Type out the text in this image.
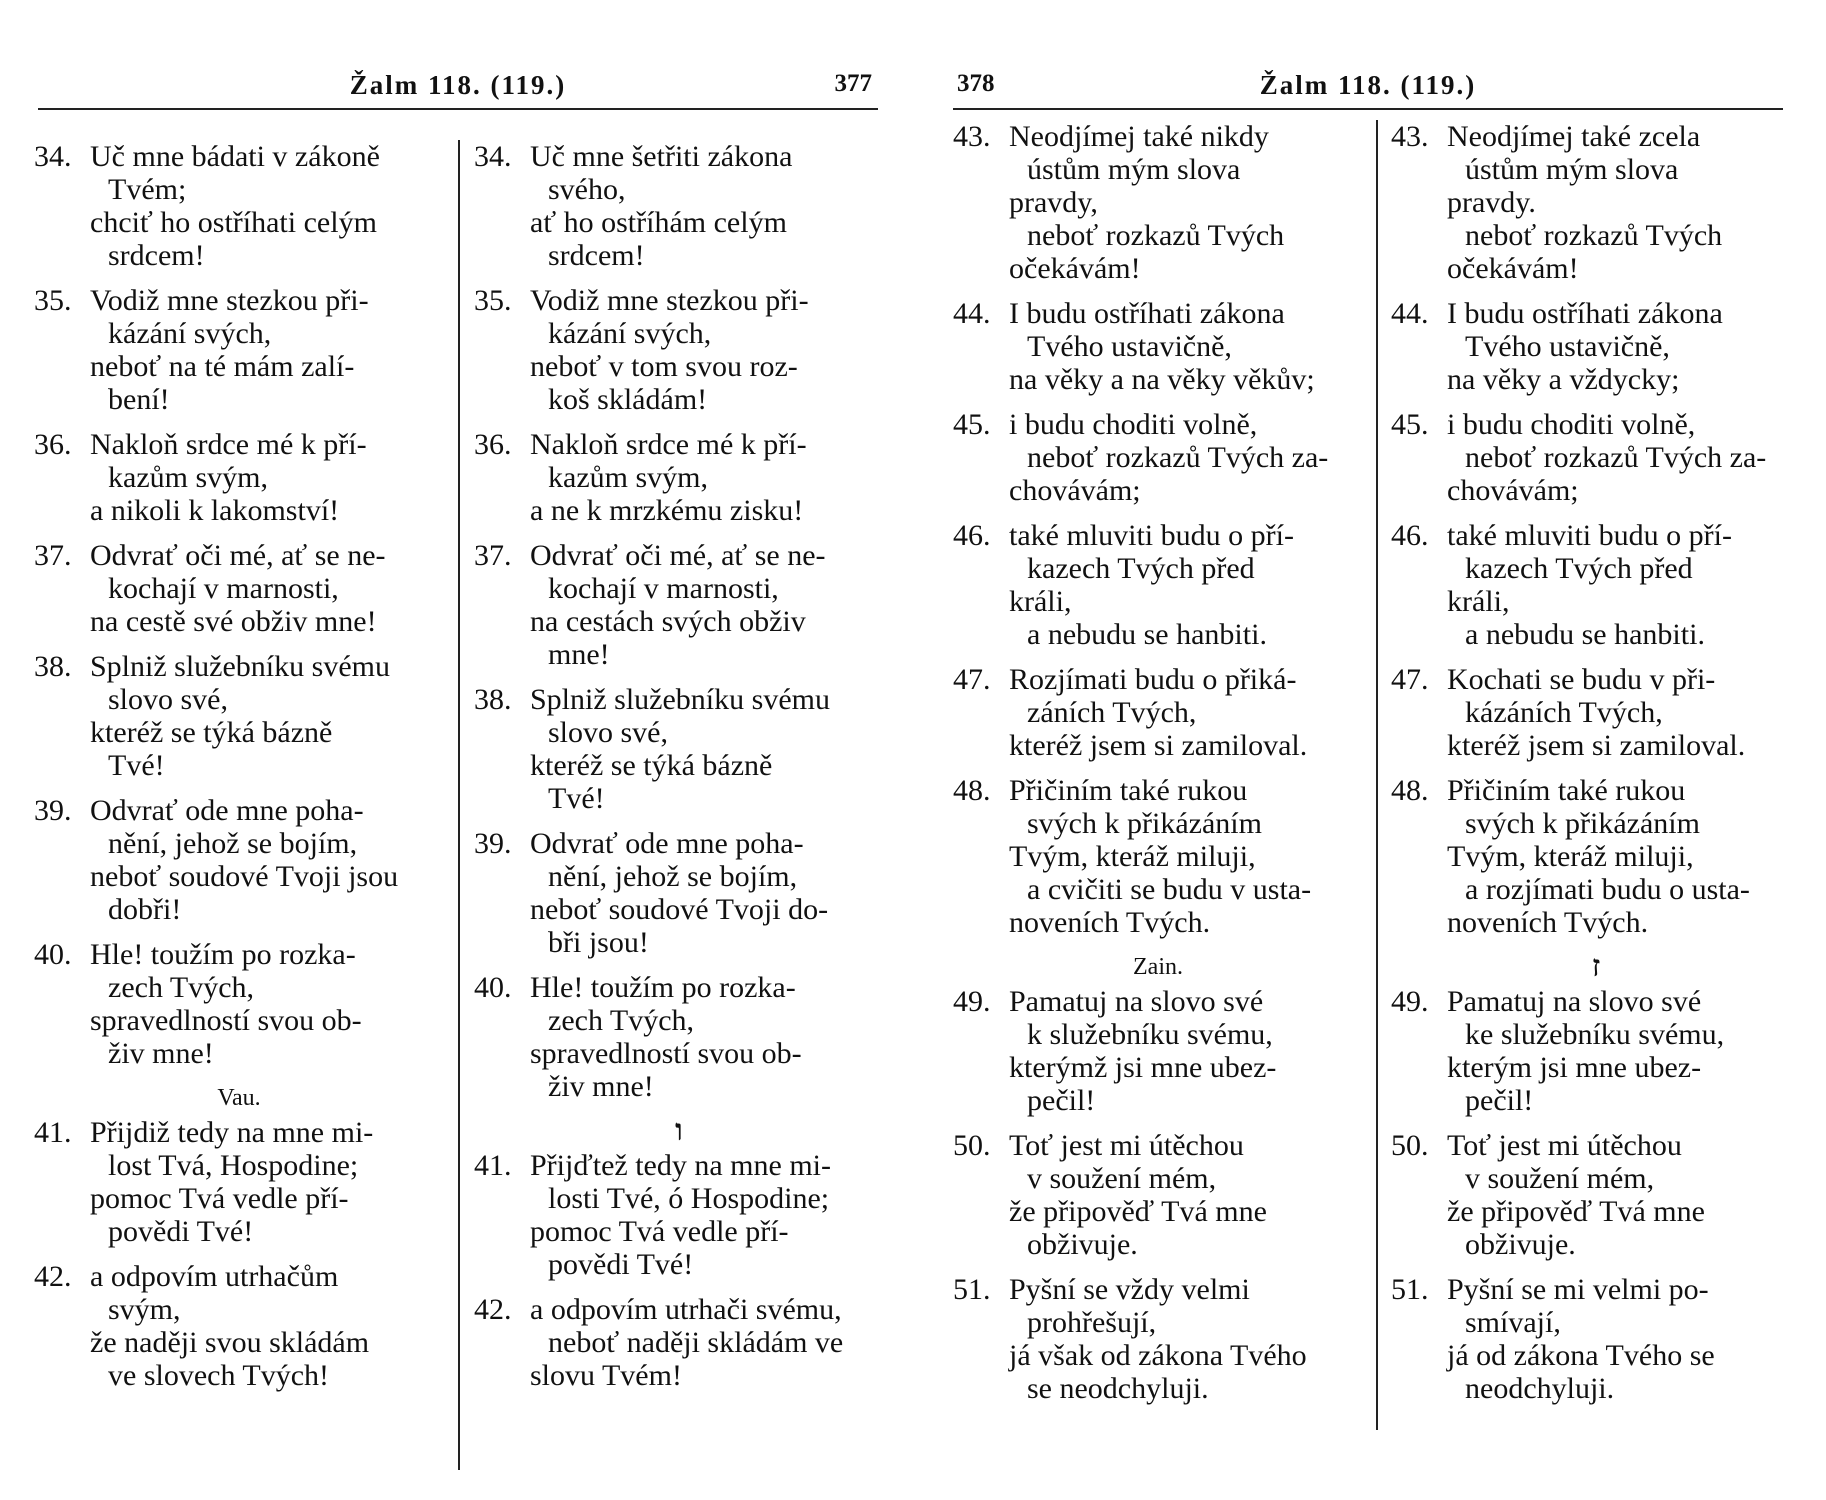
Žalm 118. (119.)	377
34. Uč mne bádati v zákoně
Tvém;
chciť ho ostříhati celým
srdcem!
35. Vodiž mne stezkou při-
kázání svých,
neboť na té mám zalí-
bení!
36. Nakloň srdce mé k pří-
kazům svým,
a nikoli k lakomství!
37. Odvrať oči mé, ať se ne-
kochají v marnosti,
na cestě své obživ mne!
38. Splniž služebníku svému
slovo své,
kteréž se týká bázně
Tvé!
39. Odvrať ode mne poha-
nění, jehož se bojím,
neboť soudové Tvoji jsou
dobři!
40. Hle! toužím po rozka-
zech Tvých,
spravedlností svou ob-
živ mne!
Vau.
41. Přijdiž tedy na mne mi-
lost Tvá, Hospodine;
pomoc Tvá vedle pří-
povědi Tvé!
42. a odpovím utrhačům
svým,
že naději svou skládám
ve slovech Tvých!
34. Uč mne šetřiti zákona
svého,
ať ho ostříhám celým
srdcem!
35. Vodiž mne stezkou při-
kázání svých,
neboť v tom svou roz-
koš skládám!
36. Nakloň srdce mé k pří-
kazům svým,
a ne k mrzkému zisku!
37. Odvrať oči mé, ať se ne-
kochají v marnosti,
na cestách svých obživ
mne!
38. Splniž služebníku svému
slovo své,
kteréž se týká bázně
Tvé!
39. Odvrať ode mne poha-
nění, jehož se bojím,
neboť soudové Tvoji do-
bři jsou!
40. Hle! toužím po rozka-
zech Tvých,
spravedlností svou ob-
živ mne!
ו
41. Přijďtež tedy na mne mi-
losti Tvé, ó Hospodine;
pomoc Tvá vedle pří-
povědi Tvé!
42. a odpovím utrhači svému,
neboť naději skládám ve
slovu Tvém!
378	Žalm 118. (119.)
43. Neodjímej také nikdy
ústům mým slova
pravdy,
neboť rozkazů Tvých
očekávám!
44. I budu ostříhati zákona
Tvého ustavičně,
na věky a na věky věkův;
45. i budu choditi volně,
neboť rozkazů Tvých za-
chovávám;
46. také mluviti budu o pří-
kazech Tvých před
králi,
a nebudu se hanbiti.
47. Rozjímati budu o přiká-
záních Tvých,
kteréž jsem si zamiloval.
48. Přičiním také rukou
svých k přikázáním
Tvým, kteráž miluji,
a cvičiti se budu v usta-
noveních Tvých.
Zain.
49. Pamatuj na slovo své
k služebníku svému,
kterýmž jsi mne ubez-
pečil!
50. Toť jest mi útěchou
v soužení mém,
že připověď Tvá mne
obživuje.
51. Pyšní se vždy velmi
prohřešují,
já však od zákona Tvého
se neodchyluji.
43. Neodjímej také zcela
ústům mým slova
pravdy.
neboť rozkazů Tvých
očekávám!
44. I budu ostříhati zákona
Tvého ustavičně,
na věky a vždycky;
45. i budu choditi volně,
neboť rozkazů Tvých za-
chovávám;
46. také mluviti budu o pří-
kazech Tvých před
králi,
a nebudu se hanbiti.
47. Kochati se budu v při-
kázáních Tvých,
kteréž jsem si zamiloval.
48. Přičiním také rukou
svých k přikázáním
Tvým, kteráž miluji,
a rozjímati budu o usta-
noveních Tvých.
ז
49. Pamatuj na slovo své
ke služebníku svému,
kterým jsi mne ubez-
pečil!
50. Toť jest mi útěchou
v soužení mém,
že připověď Tvá mne
obživuje.
51. Pyšní se mi velmi po-
smívají,
já od zákona Tvého se
neodchyluji.
